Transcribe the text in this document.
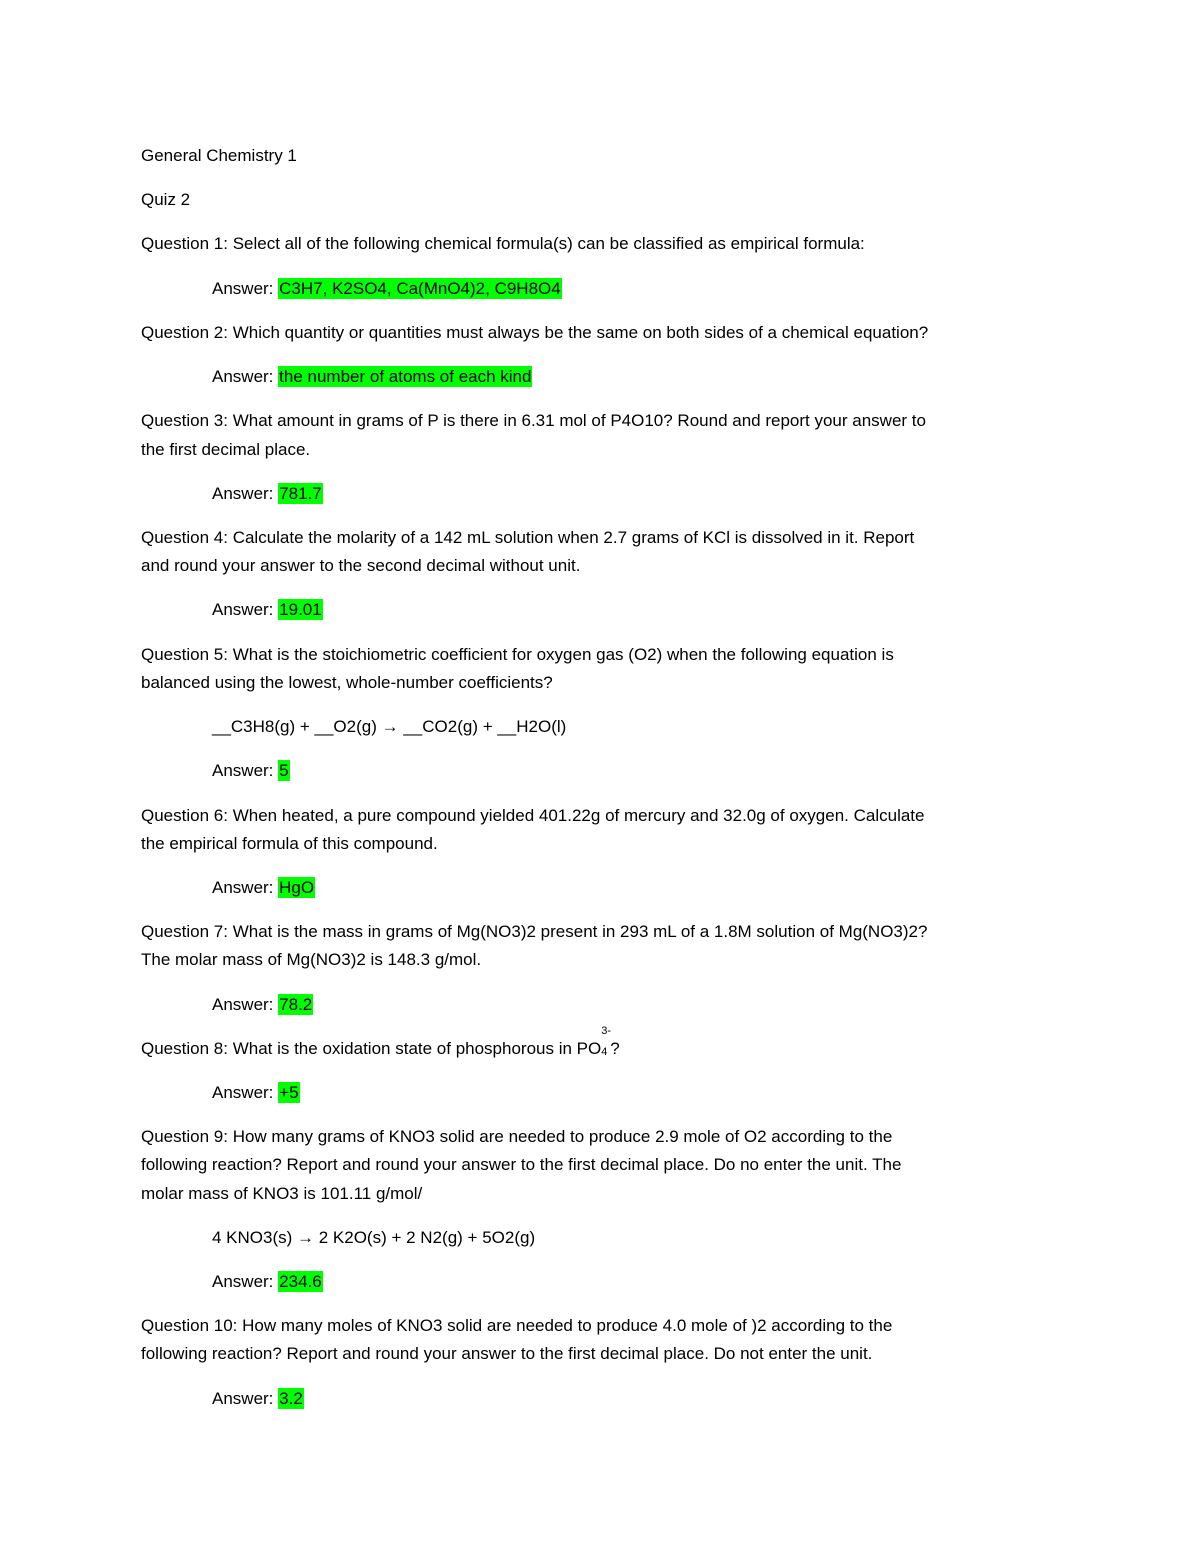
General Chemistry 1
Quiz 2
Question 1: Select all of the following chemical formula(s) can be classified as empirical formula:
Answer: C3H7, K2SO4, Ca(MnO4)2, C9H8O4
Question 2: Which quantity or quantities must always be the same on both sides of a chemical equation?
Answer: the number of atoms of each kind
Question 3: What amount in grams of P is there in 6.31 mol of P4O10? Round and report your answer to
the first decimal place.
Answer: 781.7
Question 4: Calculate the molarity of a 142 mL solution when 2.7 grams of KCl is dissolved in it. Report
and round your answer to the second decimal without unit.
Answer: 19.01
Question 5: What is the stoichiometric coefficient for oxygen gas (O2) when the following equation is
balanced using the lowest, whole-number coefficients?
__C3H8(g) + __O2(g) → __CO2(g) + __H2O(l)
Answer: 5
Question 6: When heated, a pure compound yielded 401.22g of mercury and 32.0g of oxygen. Calculate
the empirical formula of this compound.
Answer: HgO
Question 7: What is the mass in grams of Mg(NO3)2 present in 293 mL of a 1.8M solution of Mg(NO3)2?
The molar mass of Mg(NO3)2 is 148.3 g/mol.
Answer: 78.2
Question 8: What is the oxidation state of phosphorous in PO
3-
4 ?
Answer: +5
Question 9: How many grams of KNO3 solid are needed to produce 2.9 mole of O2 according to the
following reaction? Report and round your answer to the first decimal place. Do no enter the unit. The
molar mass of KNO3 is 101.11 g/mol/
4 KNO3(s) → 2 K2O(s) + 2 N2(g) + 5O2(g)
Answer: 234.6
Question 10: How many moles of KNO3 solid are needed to produce 4.0 mole of )2 according to the
following reaction? Report and round your answer to the first decimal place. Do not enter the unit.
Answer: 3.2
